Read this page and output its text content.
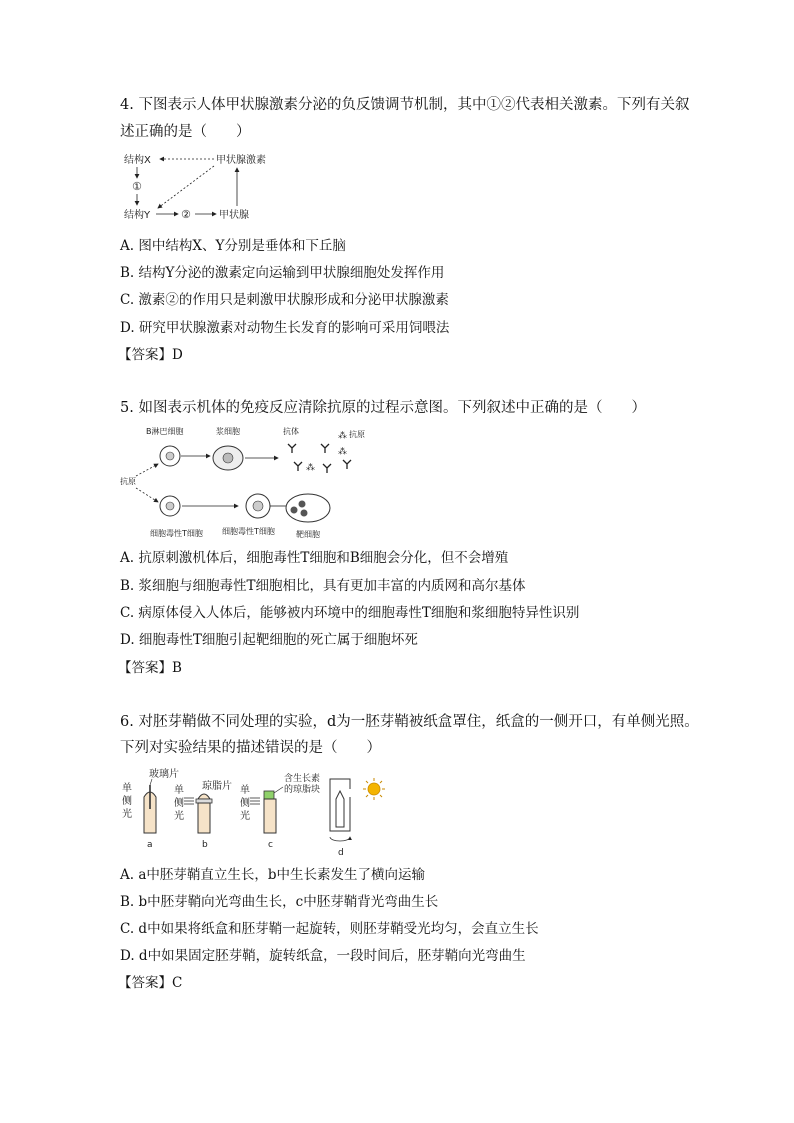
4. 下图表示人体甲状腺激素分泌的负反馈调节机制，其中①②代表相关激素。下列有关叙
述正确的是（　　）
结构X	甲状腺激素
①
结构Y	②	甲状腺
A. 图中结构X、Y分别是垂体和下丘脑
B. 结构Y分泌的激素定向运输到甲状腺细胞处发挥作用
C. 激素②的作用只是刺激甲状腺形成和分泌甲状腺激素
D. 研究甲状腺激素对动物生长发育的影响可采用饲喂法
【答案】D
5. 如图表示机体的免疫反应清除抗原的过程示意图。下列叙述中正确的是（　　）
B淋巴细胞	浆细胞	抗体	抗原
抗原
⁂
⁂
⁂
细胞毒性T细胞 细胞毒性T细胞	靶细胞
A. 抗原刺激机体后，细胞毒性T细胞和B细胞会分化，但不会增殖
B. 浆细胞与细胞毒性T细胞相比，具有更加丰富的内质网和高尔基体
C. 病原体侵入人体后，能够被内环境中的细胞毒性T细胞和浆细胞特异性识别
D. 细胞毒性T细胞引起靶细胞的死亡属于细胞坏死
【答案】B
6. 对胚芽鞘做不同处理的实验，d为一胚芽鞘被纸盒罩住，纸盒的一侧开口，有单侧光照。
下列对实验结果的描述错误的是（　　）
单
侧
光
玻璃片
a
单
侧
光
琼脂片
b
单
侧
光
含生长素
的琼脂块
c
d
A. a中胚芽鞘直立生长，b中生长素发生了横向运输
B. b中胚芽鞘向光弯曲生长，c中胚芽鞘背光弯曲生长
C. d中如果将纸盒和胚芽鞘一起旋转，则胚芽鞘受光均匀，会直立生长
D. d中如果固定胚芽鞘，旋转纸盒，一段时间后，胚芽鞘向光弯曲生
【答案】C
